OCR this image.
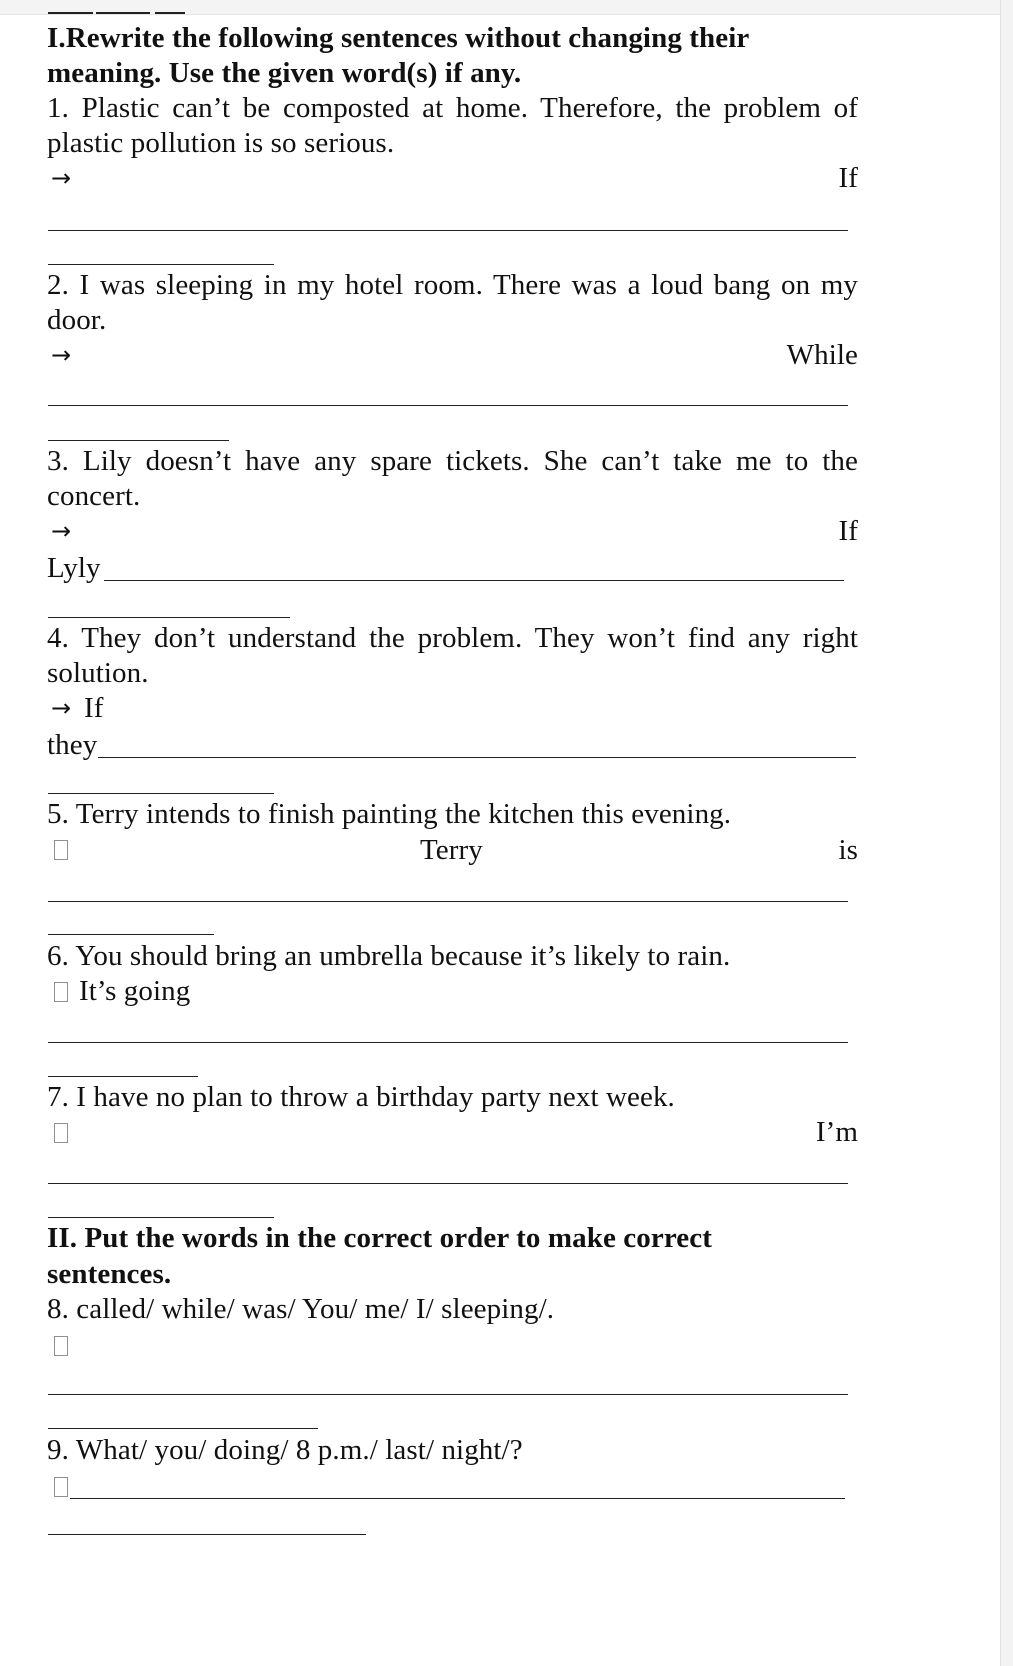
I.Rewrite the following sentences without changing their
meaning. Use the given word(s) if any.
1. Plastic can’t be composted at home. Therefore, the problem of
plastic pollution is so serious.
→	If
2. I was sleeping in my hotel room. There was a loud bang on my
door.
→	While
3. Lily doesn’t have any spare tickets. She can’t take me to the
concert.
→	If
Lyly
4. They don’t understand the problem. They won’t find any right
solution.
→ If
they
5. Terry intends to finish painting the kitchen this evening.
Terry	is
6. You should bring an umbrella because it’s likely to rain.
It’s going
7. I have no plan to throw a birthday party next week.
I’m
II. Put the words in the correct order to make correct
sentences.
8. called/ while/ was/ You/ me/ I/ sleeping/.
9. What/ you/ doing/ 8 p.m./ last/ night/?
